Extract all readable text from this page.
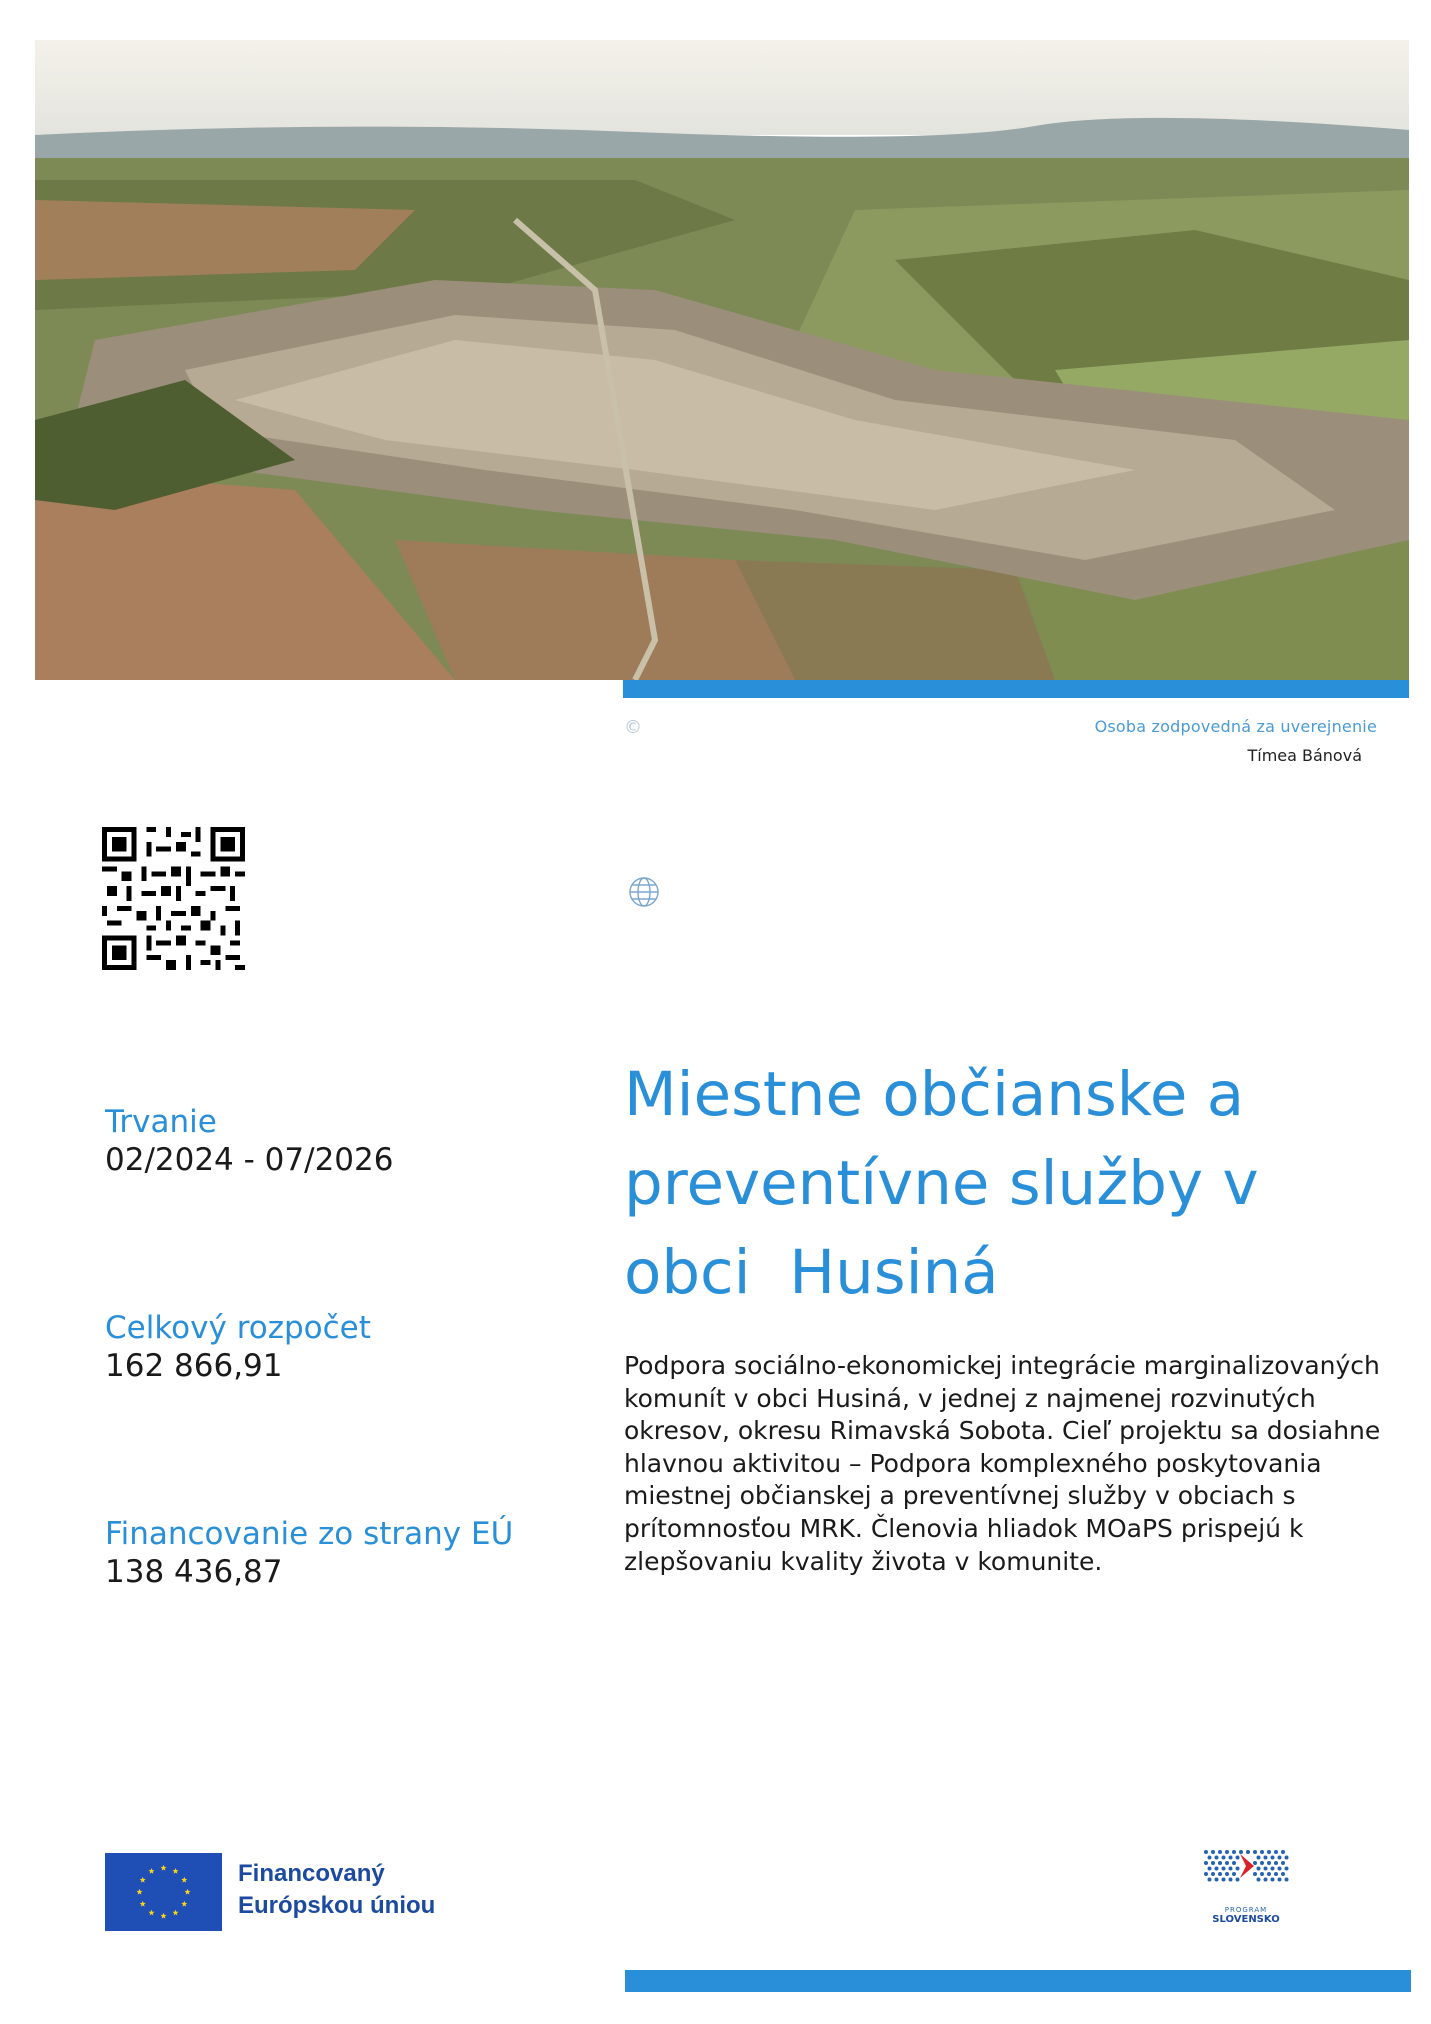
©	Osoba zodpovedná za uverejnenie
Tímea Bánová
Trvanie
02/2024 - 07/2026
Celkový rozpočet
162 866,91
Financovanie zo strany EÚ
138 436,87
Miestne občianske a preventívne služby v obci  Husiná

Podpora sociálno-ekonomickej integrácie marginalizovaných komunít v obci Husiná, v jednej z najmenej rozvinutých okresov, okresu Rimavská Sobota. Cieľ projektu sa dosiahne hlavnou aktivitou – Podpora komplexného poskytovania miestnej občianskej a preventívnej služby v obciach s prítomnosťou MRK. Členovia hliadok MOaPS prispejú k zlepšovaniu kvality života v komunite.

Financovaný
Európskou úniou	PROGRAM
SLOVENSKO
